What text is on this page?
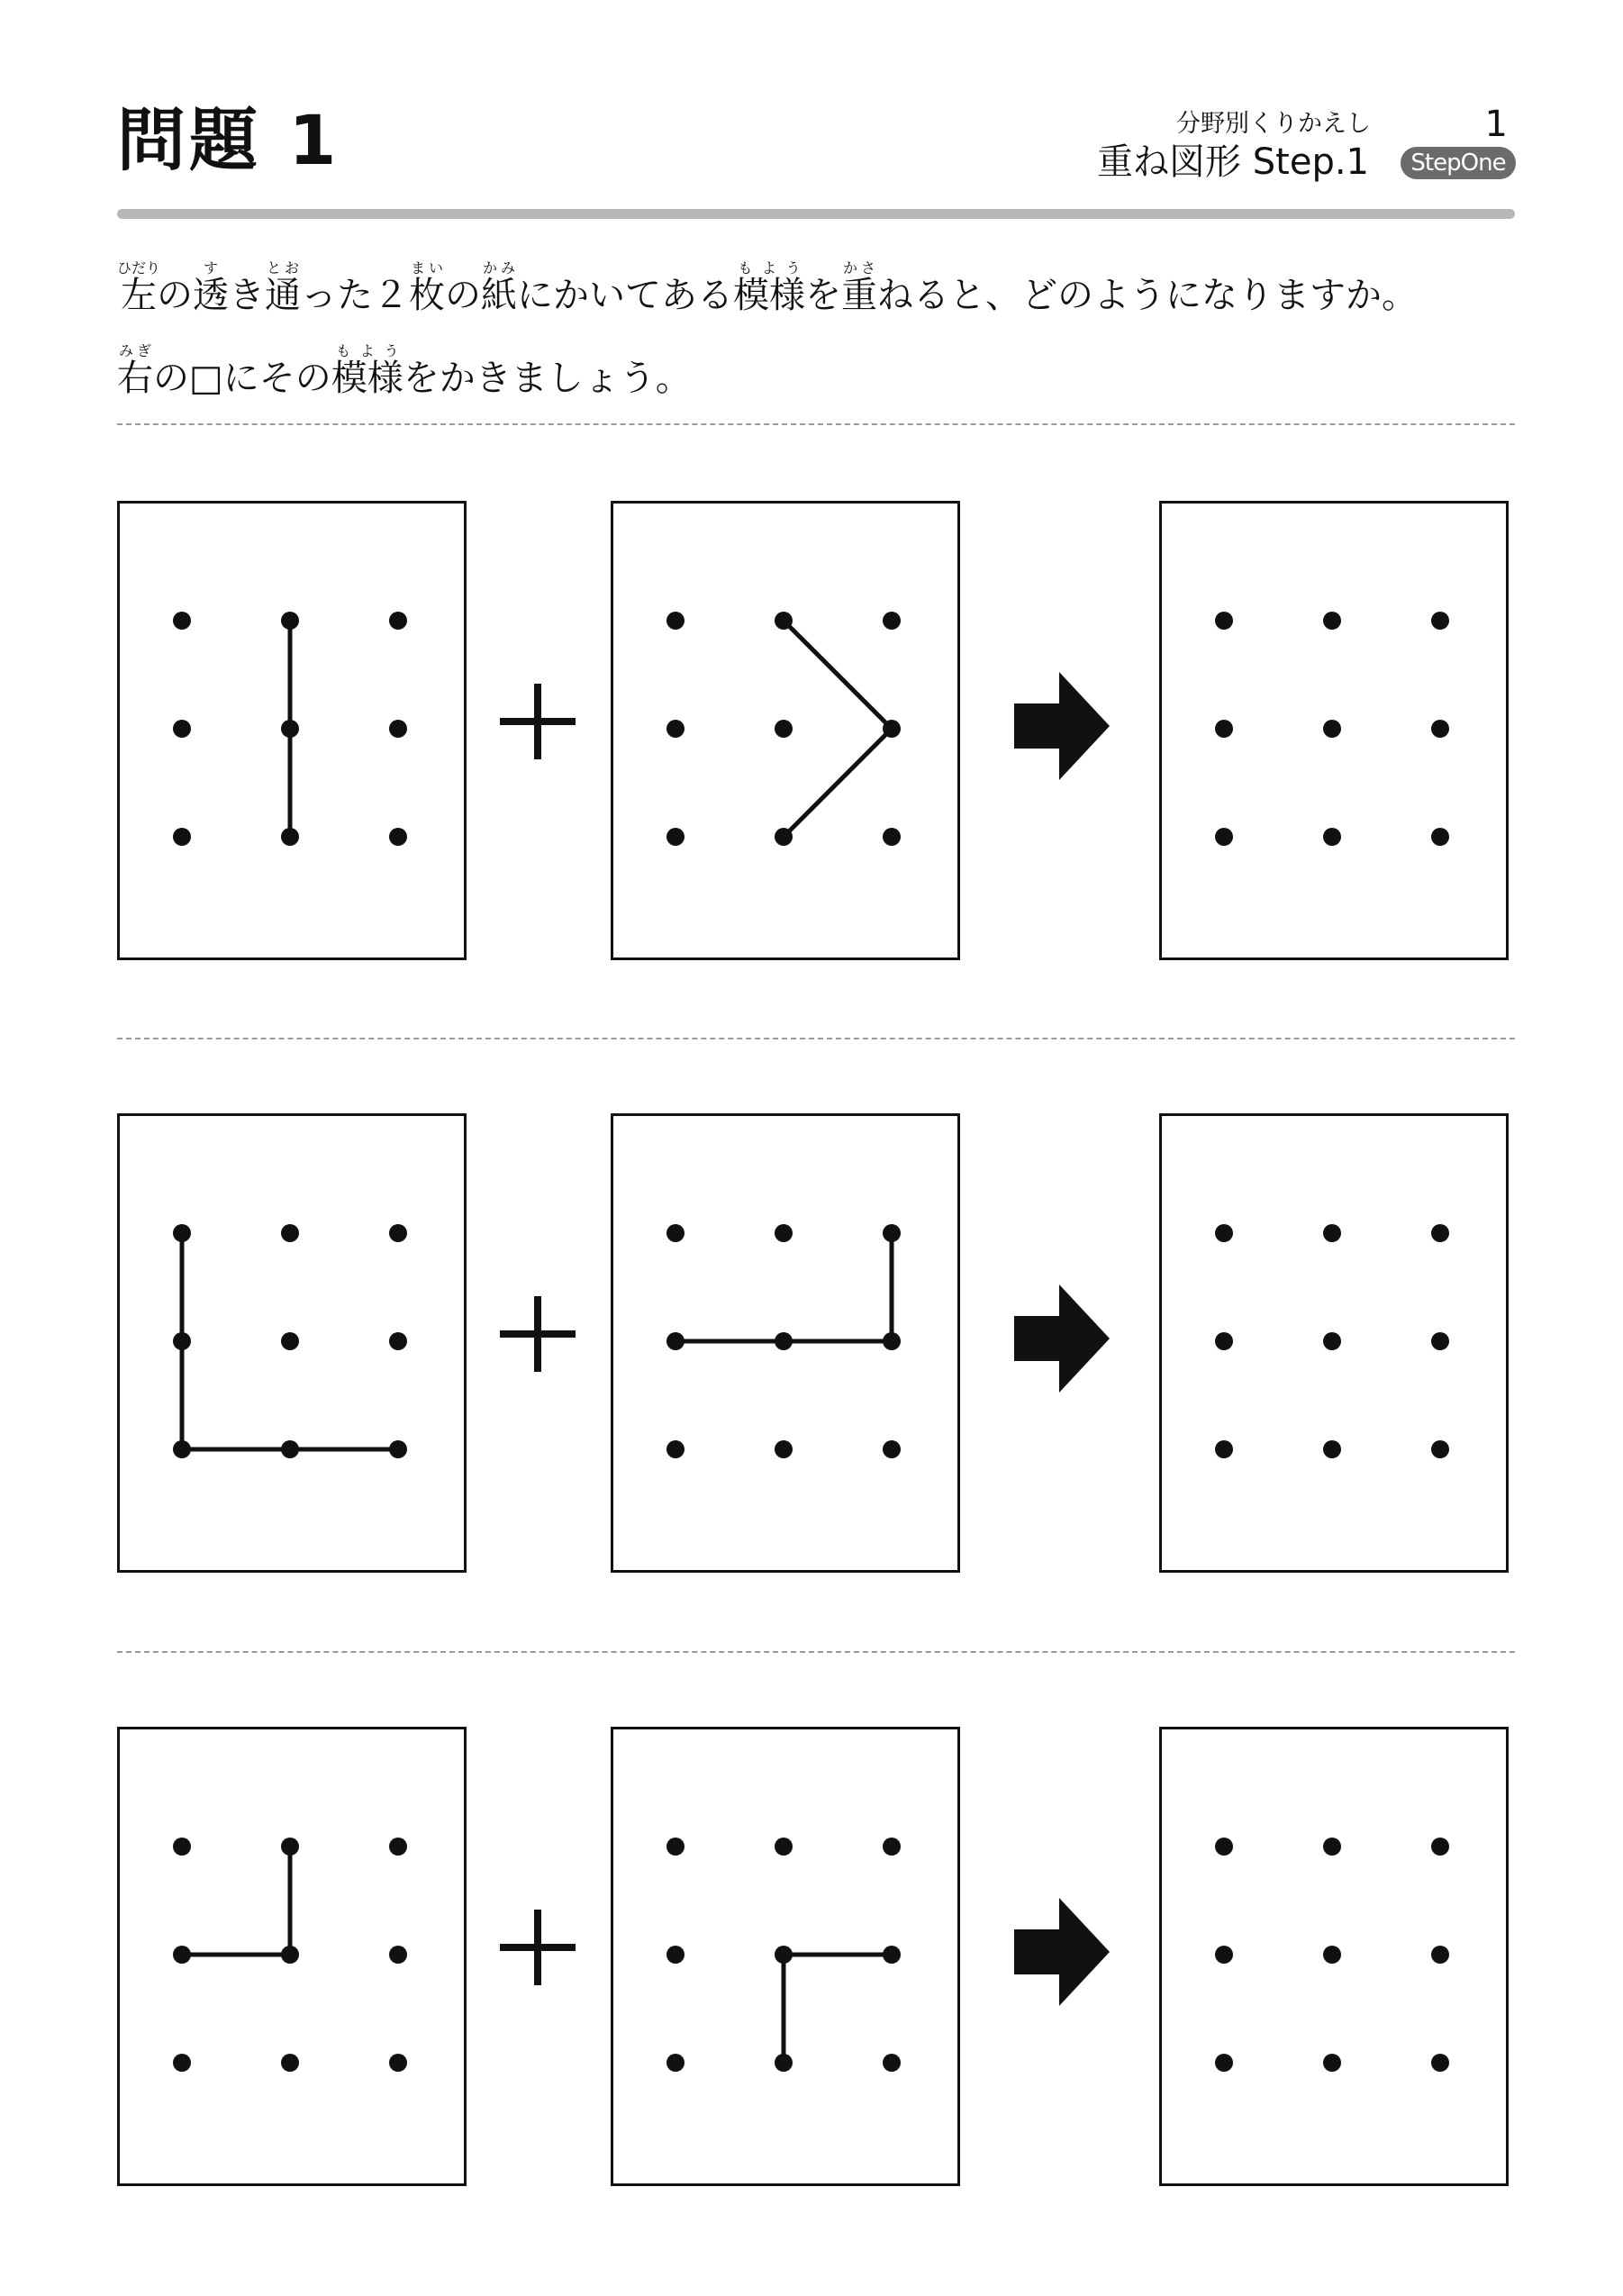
問題 1	分野別くりかえし	1
重ね図形 Step.1	StepOne
左ひだりの透すき通とおった２枚まいの紙かみにかいてある模様もようを重かさねると、どのようになりますか。
右みぎの□にその模様もようをかきましょう。
